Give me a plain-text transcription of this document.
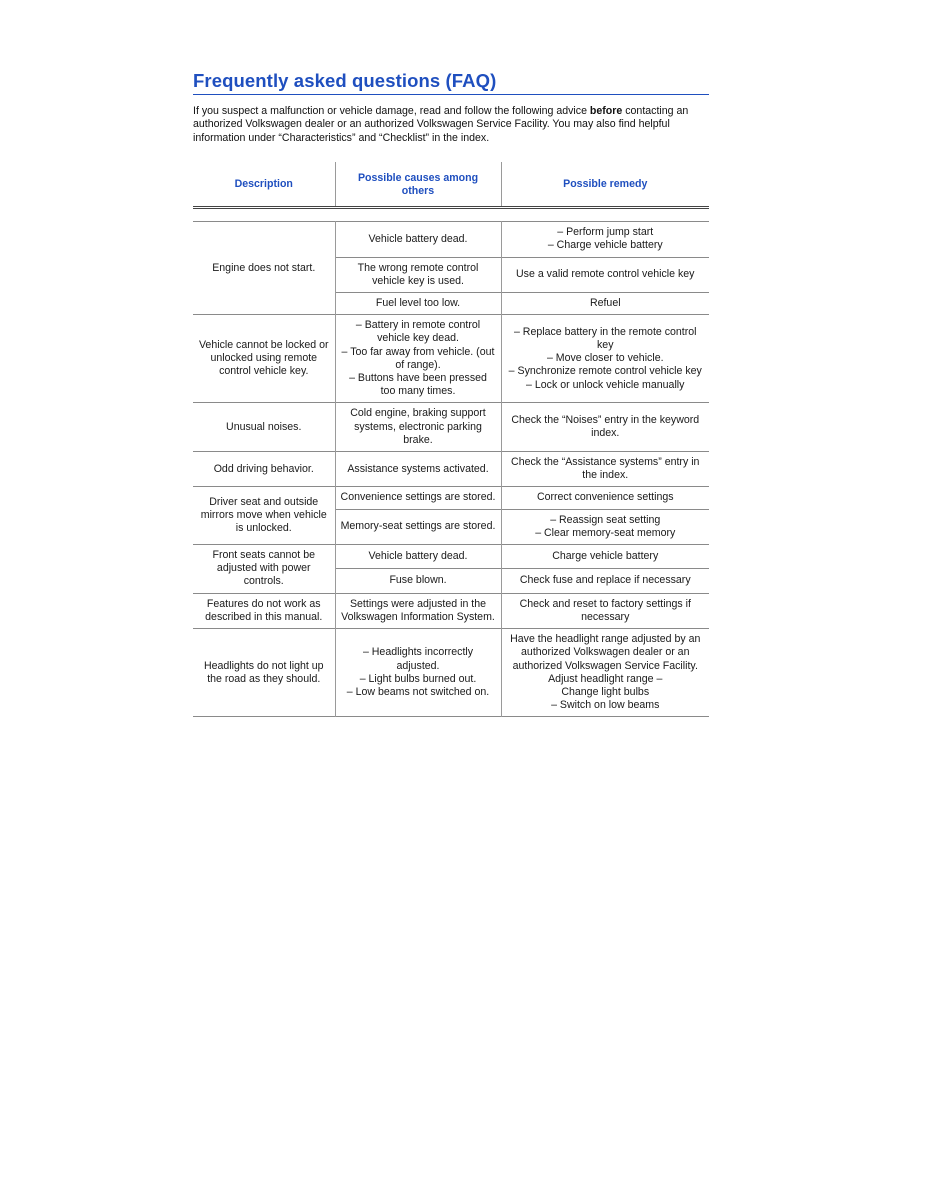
Frequently asked questions (FAQ)

If you suspect a malfunction or vehicle damage, read and follow the following advice before contacting an authorized Volkswagen dealer or an authorized Volkswagen Service Facility. You may also find helpful information under “Characteristics” and “Checklist” in the index.

Description	Possible causes among others	Possible remedy

Engine does not start.	Vehicle battery dead.	– Perform jump start
– Charge vehicle battery

	The wrong remote control vehicle key is used.	Use a valid remote control vehicle key

	Fuel level too low.	Refuel

Vehicle cannot be locked or unlocked using remote control vehicle key.	– Battery in remote control vehicle key dead.
– Too far away from vehicle. (out of range).
– Buttons have been pressed too many times.	– Replace battery in the remote control key
– Move closer to vehicle.
– Synchronize remote control vehicle key
– Lock or unlock vehicle manually

Unusual noises.	Cold engine, braking support systems, electronic parking brake.	Check the “Noises” entry in the keyword index.

Odd driving behavior.	Assistance systems activated.	Check the “Assistance systems” entry in the index.

Driver seat and outside mirrors move when vehicle is unlocked.	Convenience settings are stored.	Correct convenience settings

	Memory-seat settings are stored.	– Reassign seat setting
– Clear memory-seat memory

Front seats cannot be adjusted with power controls.	Vehicle battery dead.	Charge vehicle battery

	Fuse blown.	Check fuse and replace if necessary

Features do not work as described in this manual.	Settings were adjusted in the Volkswagen Information System.	Check and reset to factory settings if necessary

Headlights do not light up the road as they should.	– Headlights incorrectly adjusted.
– Light bulbs burned out.
– Low beams not switched on.	Have the headlight range adjusted by an authorized Volkswagen dealer or an authorized Volkswagen Service Facility. Adjust headlight range –
Change light bulbs
– Switch on low beams
